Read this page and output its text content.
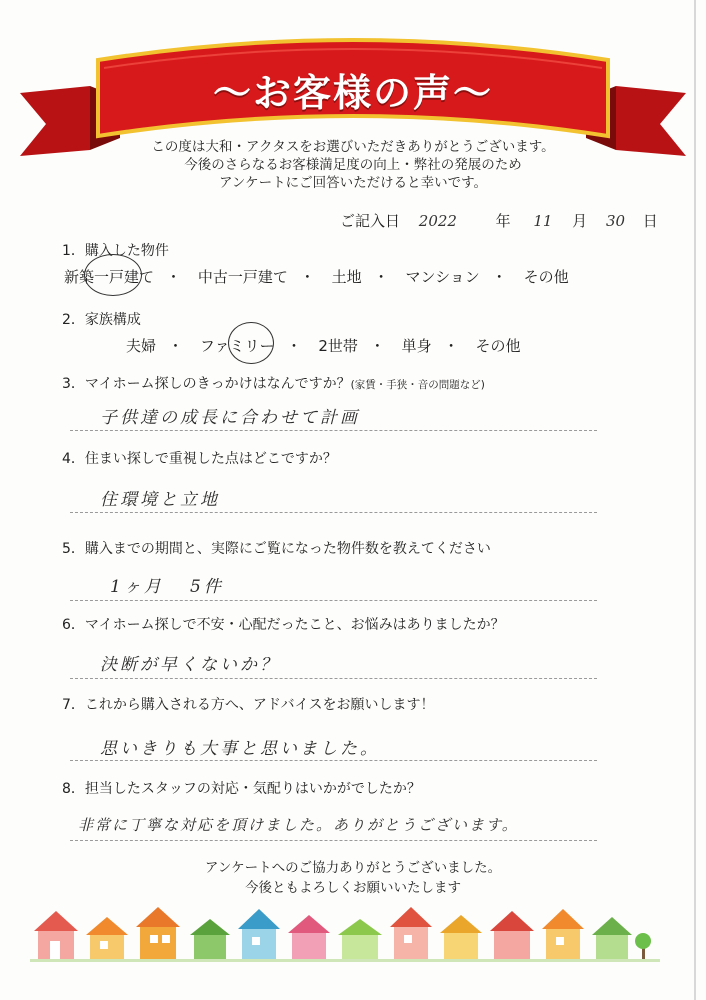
～お客様の声～
この度は大和・アクタスをお選びいただきありがとうございます。
今後のさらなるお客様満足度の向上・弊社の発展のため
アンケートにご回答いただけると幸いです。
ご記入日 2022	年 11 月 30 日
1．購入した物件
新築一戸建て ・ 中古一戸建て ・ 土地 ・ マンション ・ その他
2．家族構成
夫婦 ・ ファミリー ・ 2世帯 ・ 単身 ・ その他
3．マイホーム探しのきっかけはなんですか？(家賃・手狭・音の問題など)
子供達の成長に合わせて計画
4．住まい探しで重視した点はどこですか？
住環境と立地
5．購入までの期間と、実際にご覧になった物件数を教えてください
1ヶ月 5件
6．マイホーム探しで不安・心配だったこと、お悩みはありましたか？
決断が早くないか？
7．これから購入される方へ、アドバイスをお願いします！
思いきりも大事と思いました。
8．担当したスタッフの対応・気配りはいかがでしたか？
非常に丁寧な対応を頂けました。ありがとうございます。
アンケートへのご協力ありがとうございました。
今後ともよろしくお願いいたします
